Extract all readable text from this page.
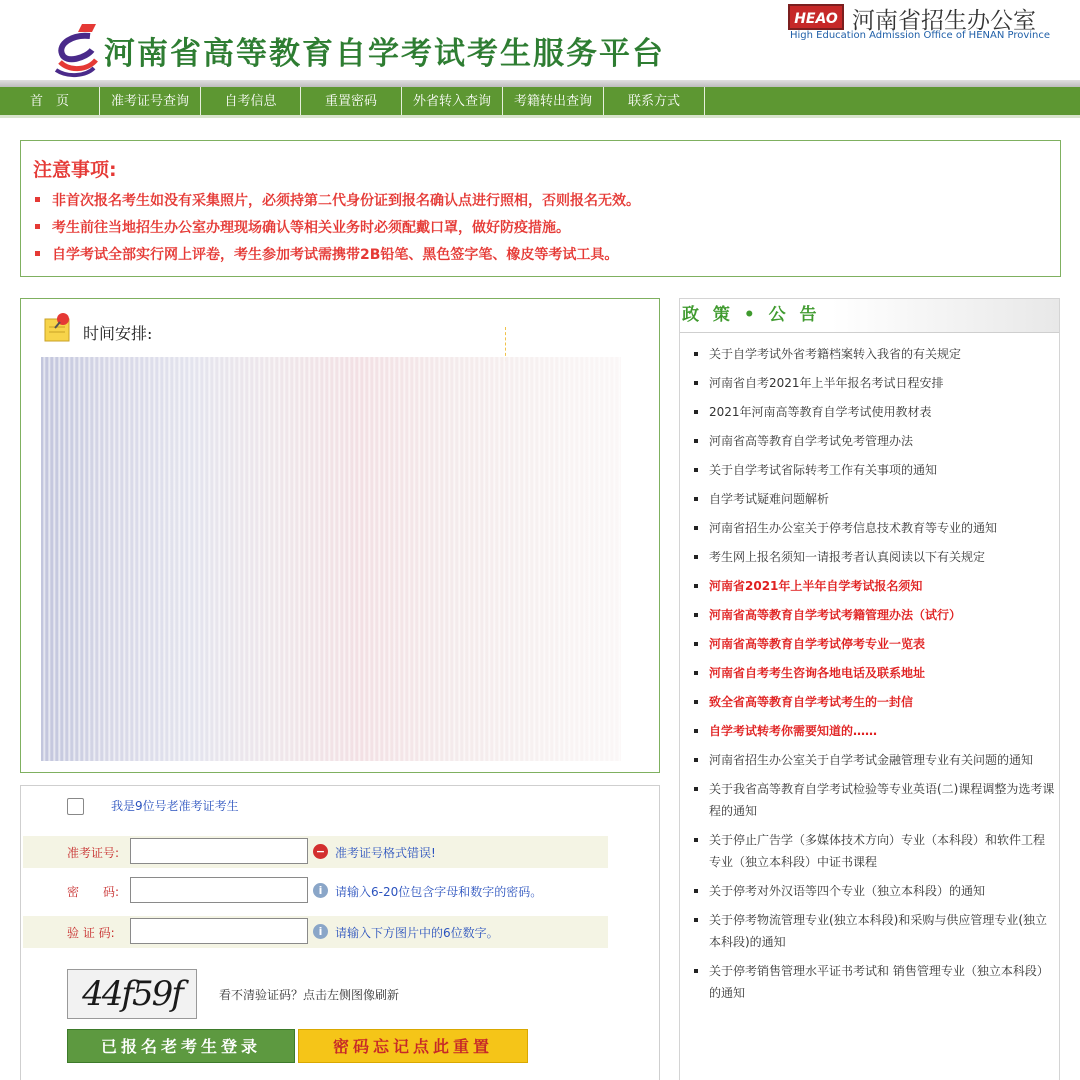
河南省高等教育自学考试考生服务平台
HEAO 河南省招生办公室
High Education Admission Office of HENAN Province
首　页	准考证号查询	自考信息	重置密码	外省转入查询	考籍转出查询	联系方式
注意事项:
非首次报名考生如没有采集照片，必须持第二代身份证到报名确认点进行照相，否则报名无效。
考生前往当地招生办公室办理现场确认等相关业务时必须配戴口罩，做好防疫措施。
自学考试全部实行网上评卷，考生参加考试需携带2B铅笔、黑色签字笔、橡皮等考试工具。
时间安排:
我是9位号老准考证考生
准考证号:	− 准考证号格式错误!
密　　码:	i	请输入6-20位包含字母和数字的密码。
验 证 码:	i	请输入下方图片中的6位数字。
44f59f	看不清验证码？点击左侧图像刷新
已报名老考生登录	密码忘记点此重置
政 策 • 公 告
关于自学考试外省考籍档案转入我省的有关规定
河南省自考2021年上半年报名考试日程安排
2021年河南高等教育自学考试使用教材表
河南省高等教育自学考试免考管理办法
关于自学考试省际转考工作有关事项的通知
自学考试疑难问题解析
河南省招生办公室关于停考信息技术教育等专业的通知
考生网上报名须知一请报考者认真阅读以下有关规定
河南省2021年上半年自学考试报名须知
河南省高等教育自学考试考籍管理办法（试行）
河南省高等教育自学考试停考专业一览表
河南省自考考生咨询各地电话及联系地址
致全省高等教育自学考试考生的一封信
自学考试转考你需要知道的……
河南省招生办公室关于自学考试金融管理专业有关问题的通知
关于我省高等教育自学考试检验等专业英语(二)课程调整为选考课程的通知
关于停止广告学（多媒体技术方向）专业（本科段）和软件工程专业（独立本科段）中证书课程
关于停考对外汉语等四个专业（独立本科段）的通知
关于停考物流管理专业(独立本科段)和采购与供应管理专业(独立本科段)的通知
关于停考销售管理水平证书考试和 销售管理专业（独立本科段）的通知
